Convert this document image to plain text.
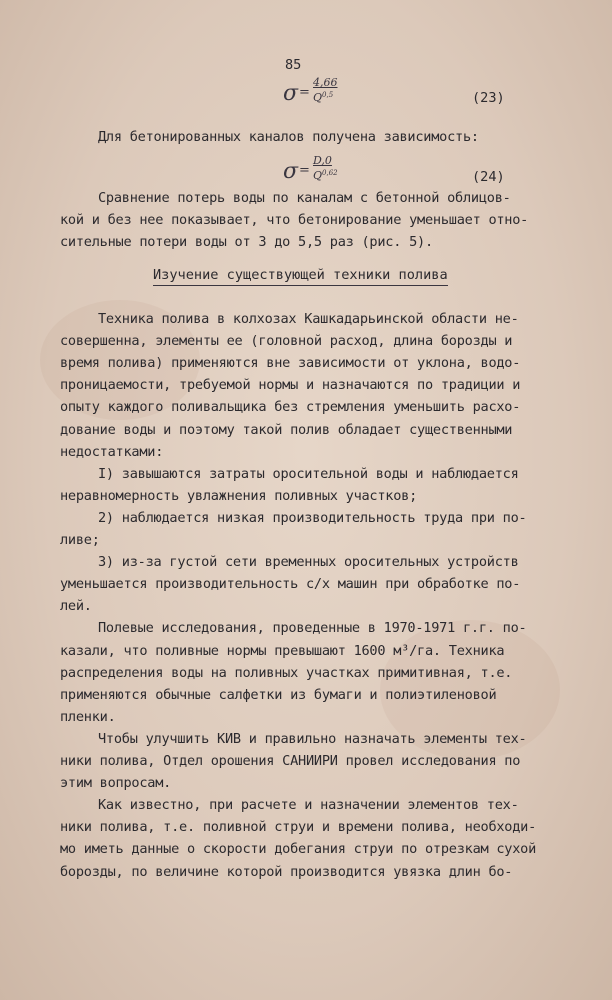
85
σ =
4,66
Q$^{0,5}$	(23)
Для бетонированных каналов получена зависимость:
σ =
D,0
Q$^{0,62}$	(24)
Сравнение потерь воды по каналам с бетонной облицов-
кой и без нее показывает, что бетонирование уменьшает отно-
сительные потери воды от 3 до 5,5 раз (рис. 5).
Изучение существующей техники полива
Техника полива в колхозах Кашкадарьинской области не-
совершенна, элементы ее (головной расход, длина борозды и
время полива) применяются вне зависимости от уклона, водо-
проницаемости, требуемой нормы и назначаются по традиции и
опыту каждого поливальщика без стремления уменьшить расхо-
дование воды и поэтому такой полив обладает существенными
недостатками:
I) завышаются затраты оросительной воды и наблюдается
неравномерность увлажнения поливных участков;
2) наблюдается низкая производительность труда при по-
ливе;
3) из-за густой сети временных оросительных устройств
уменьшается производительность с/х машин при обработке по-
лей.
Полевые исследования, проведенные в 1970-1971 г.г. по-
казали, что поливные нормы превышают 1600 м³/га. Техника
распределения воды на поливных участках примитивная, т.е.
применяются обычные салфетки из бумаги и полиэтиленовой
пленки.
Чтобы улучшить КИВ и правильно назначать элементы тех-
ники полива, Отдел орошения САНИИРИ провел исследования по
этим вопросам.
Как известно, при расчете и назначении элементов тех-
ники полива, т.е. поливной струи и времени полива, необходи-
мо иметь данные о скорости добегания струи по отрезкам сухой
борозды, по величине которой производится увязка длин бо-
